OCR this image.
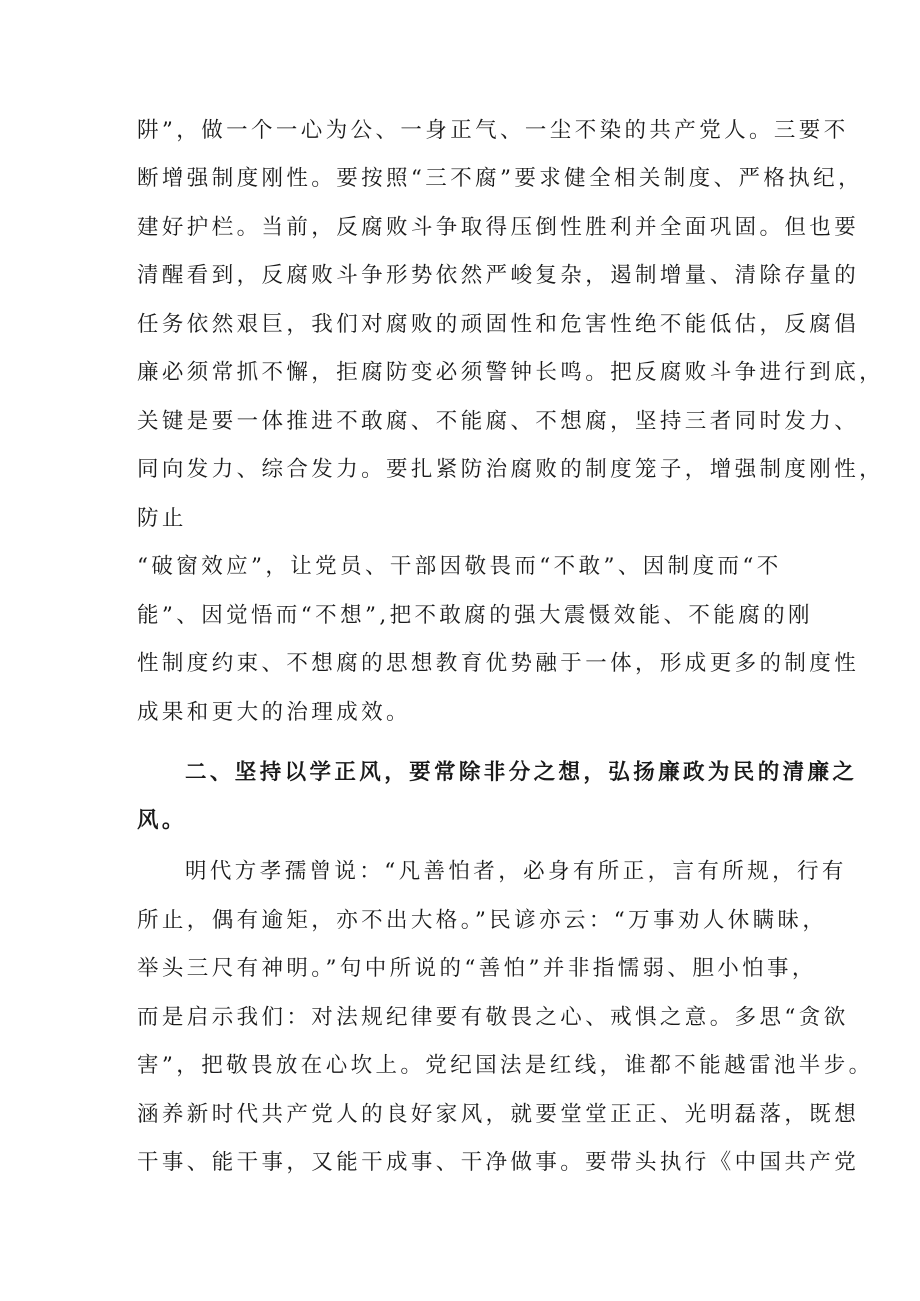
阱”，做一个一心为公、一身正气、一尘不染的共产党人。三要不
断增强制度刚性。要按照“三不腐”要求健全相关制度、严格执纪，
建好护栏。当前，反腐败斗争取得压倒性胜利并全面巩固。但也要
清醒看到，反腐败斗争形势依然严峻复杂，遏制增量、清除存量的
任务依然艰巨，我们对腐败的顽固性和危害性绝不能低估，反腐倡
廉必须常抓不懈，拒腐防变必须警钟长鸣。把反腐败斗争进行到底，
关键是要一体推进不敢腐、不能腐、不想腐，坚持三者同时发力、
同向发力、综合发力。要扎紧防治腐败的制度笼子，增强制度刚性，
防止
“破窗效应”，让党员、干部因敬畏而“不敢”、因制度而“不
能”、因觉悟而“不想”,把不敢腐的强大震慑效能、不能腐的刚
性制度约束、不想腐的思想教育优势融于一体，形成更多的制度性
成果和更大的治理成效。
二、坚持以学正风，要常除非分之想，弘扬廉政为民的清廉之
风。
明代方孝孺曾说：“凡善怕者，必身有所正，言有所规，行有
所止，偶有逾矩，亦不出大格。”民谚亦云：“万事劝人休瞒昧，
举头三尺有神明。”句中所说的“善怕”并非指懦弱、胆小怕事，
而是启示我们：对法规纪律要有敬畏之心、戒惧之意。多思“贪欲
害”，把敬畏放在心坎上。党纪国法是红线，谁都不能越雷池半步。
涵养新时代共产党人的良好家风，就要堂堂正正、光明磊落，既想
干事、能干事，又能干成事、干净做事。要带头执行《中国共产党
